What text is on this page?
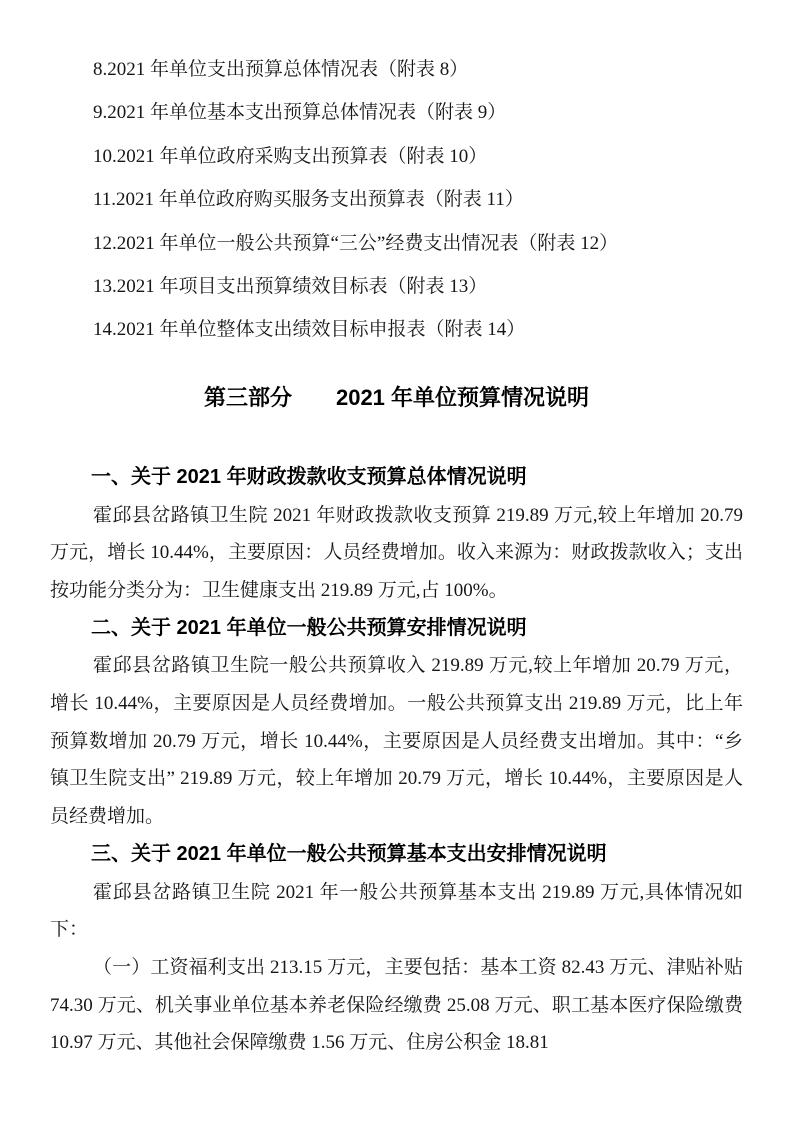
8.2021 年单位支出预算总体情况表（附表 8）

9.2021 年单位基本支出预算总体情况表（附表 9）

10.2021 年单位政府采购支出预算表（附表 10）

11.2021 年单位政府购买服务支出预算表（附表 11）

12.2021 年单位一般公共预算“三公”经费支出情况表（附表 12）

13.2021 年项目支出预算绩效目标表（附表 13）

14.2021 年单位整体支出绩效目标申报表（附表 14）

第三部分　　2021 年单位预算情况说明
一、关于 2021 年财政拨款收支预算总体情况说明

霍邱县岔路镇卫生院 2021 年财政拨款收支预算 219.89 万元,较上年增加 20.79 万元，增长 10.44%，主要原因：人员经费增加。收入来源为：财政拨款收入；支出按功能分类分为：卫生健康支出 219.89 万元,占 100%。

二、关于 2021 年单位一般公共预算安排情况说明

霍邱县岔路镇卫生院一般公共预算收入 219.89 万元,较上年增加 20.79 万元，增长 10.44%，主要原因是人员经费增加。一般公共预算支出 219.89 万元，比上年预算数增加 20.79 万元，增长 10.44%，主要原因是人员经费支出增加。其中：“乡镇卫生院支出” 219.89 万元，较上年增加 20.79 万元，增长 10.44%，主要原因是人员经费增加。

三、关于 2021 年单位一般公共预算基本支出安排情况说明

霍邱县岔路镇卫生院 2021 年一般公共预算基本支出 219.89 万元,具体情况如下：

（一）工资福利支出 213.15 万元，主要包括：基本工资 82.43 万元、津贴补贴 74.30 万元、机关事业单位基本养老保险经缴费 25.08 万元、职工基本医疗保险缴费 10.97 万元、其他社会保障缴费 1.56 万元、住房公积金 18.81
